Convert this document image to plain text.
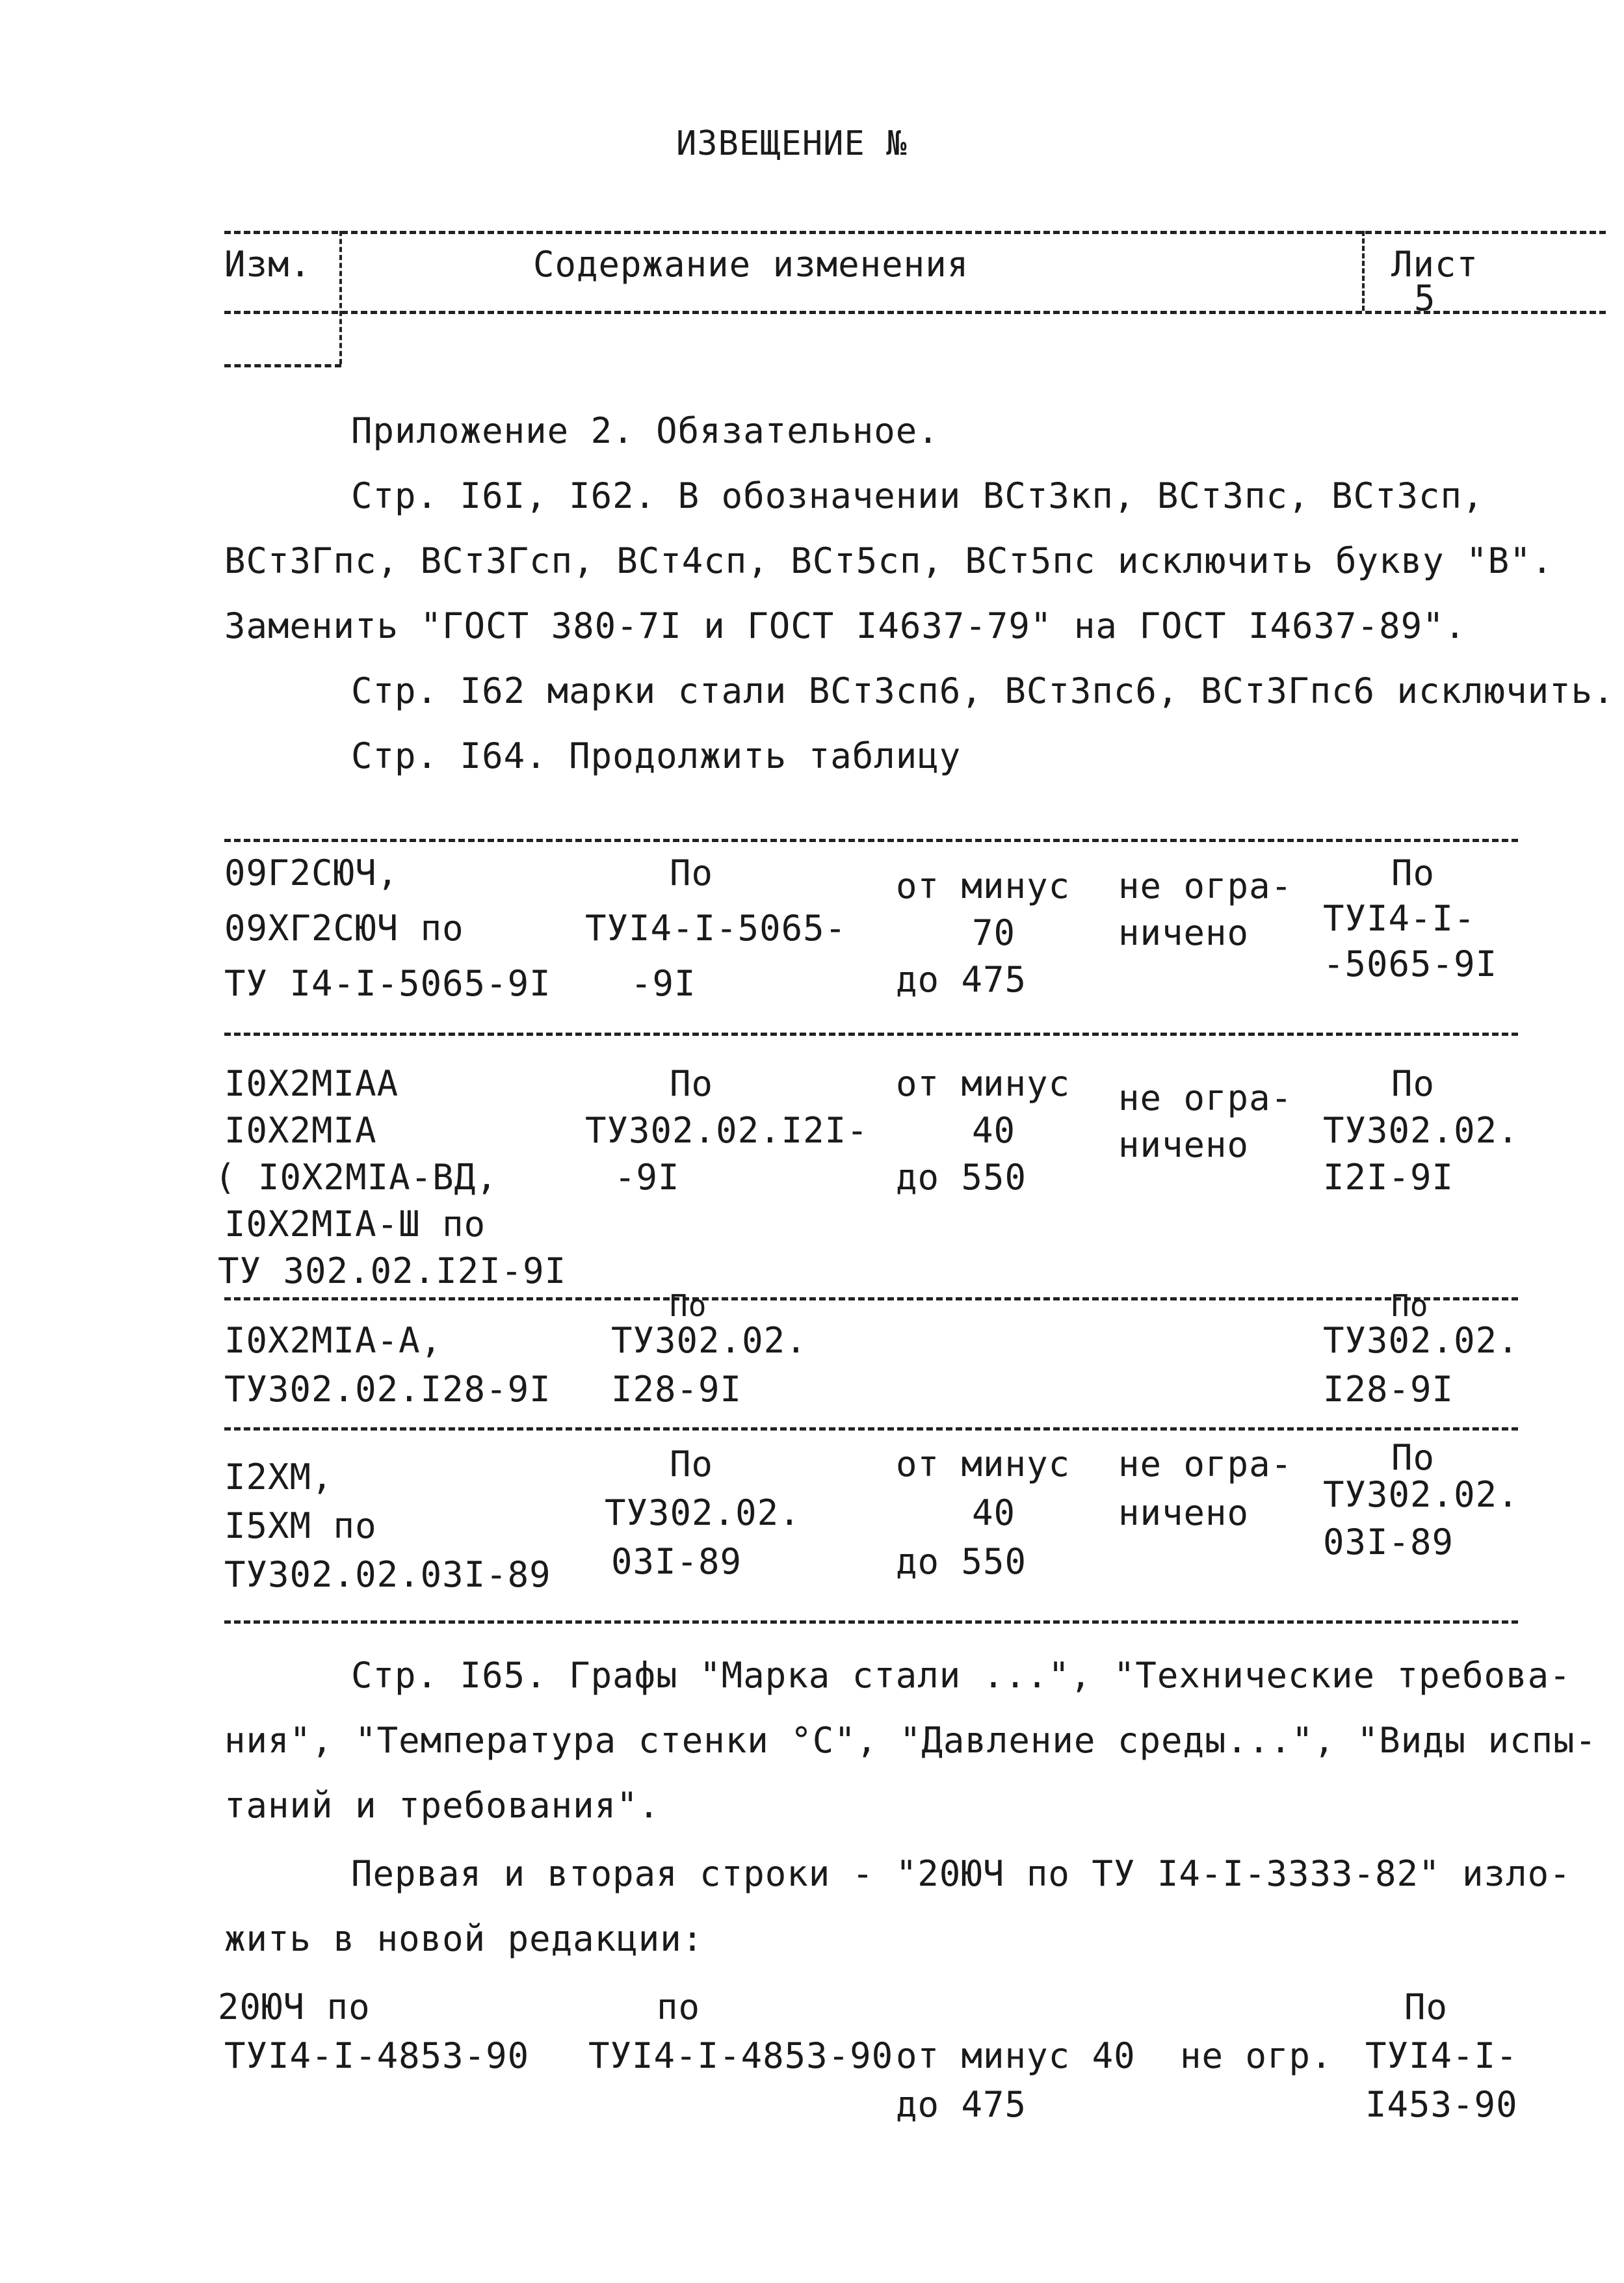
ИЗВЕЩЕНИЕ №
Изм.	Содержание изменения	Лист
5
Приложение 2. Обязательное.
Стр. I6I, I62. В обозначении ВСт3кп, ВСт3пс, ВСт3сп,
ВСт3Гпс, ВСт3Гсп, ВСт4сп, ВСт5сп, ВСт5пс исключить букву "В".
Заменить "ГОСТ 380-7I и ГОСТ I4637-79" на ГОСТ I4637-89".
Стр. I62 марки стали ВСт3сп6, ВСт3пс6, ВСт3Гпс6 исключить.
Стр. I64. Продолжить таблицу
09Г2СЮЧ,
09ХГ2СЮЧ по
ТУ I4-I-5065-9I
По
ТУI4-I-5065-
-9I
от минус
70
до 475
не огра-
ничено
По
ТУI4-I-
-5065-9I
I0Х2МIАА
I0Х2МIА
( I0Х2МIА-ВД,
I0Х2МIА-Ш по
ТУ 302.02.I2I-9I
По
ТУ302.02.I2I-
-9I
от минус
40
до 550
не огра-
ничено
По
ТУ302.02.
I2I-9I
I0Х2МIА-А,
ТУ302.02.I28-9I
По
ТУ302.02.
I28-9I
По
ТУ302.02.
I28-9I
I2ХМ,
I5ХМ по
ТУ302.02.03I-89
По
ТУ302.02.
03I-89
от минус
40
до 550
не огра-
ничено
По
ТУ302.02.
03I-89
Стр. I65. Графы "Марка стали ...", "Технические требова-
ния", "Температура стенки °С", "Давление среды...", "Виды испы-
таний и требования".
Первая и вторая строки - "20ЮЧ по ТУ I4-I-3333-82" изло-
жить в новой редакции:
20ЮЧ по
ТУI4-I-4853-90
по
ТУI4-I-4853-90 от минус 40
до 475
не огр.
По
ТУI4-I-
I453-90
